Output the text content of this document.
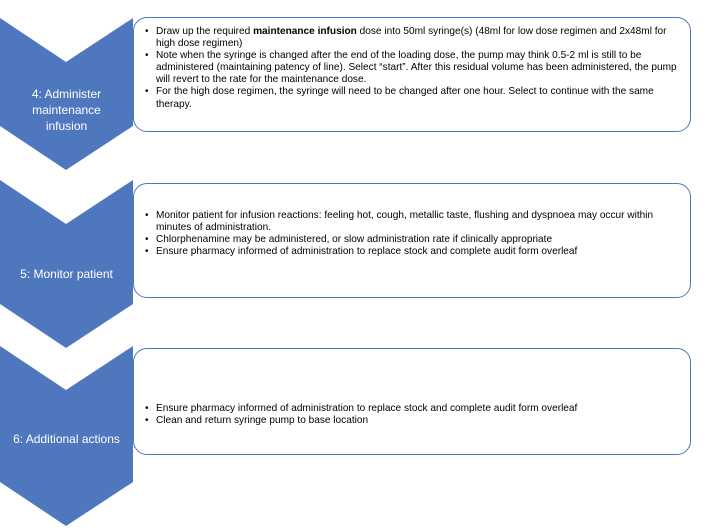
4: Administer
maintenance
infusion
• Draw up the required maintenance infusion dose into 50ml syringe(s) (48ml for low dose regimen and 2x48ml for high dose regimen)
• Note when the syringe is changed after the end of the loading dose, the pump may think 0.5-2 ml is still to be administered (maintaining patency of line). Select “start”. After this residual volume has been administered, the pump will revert to the rate for the maintenance dose.
• For the high dose regimen, the syringe will need to be changed after one hour. Select to continue with the same therapy.
5: Monitor patient
• Monitor patient for infusion reactions: feeling hot, cough, metallic taste, flushing and dyspnoea may occur within minutes of administration.
• Chlorphenamine may be administered, or slow administration rate if clinically appropriate
• Ensure pharmacy informed of administration to replace stock and complete audit form overleaf
6: Additional actions
• Ensure pharmacy informed of administration to replace stock and complete audit form overleaf
• Clean and return syringe pump to base location
